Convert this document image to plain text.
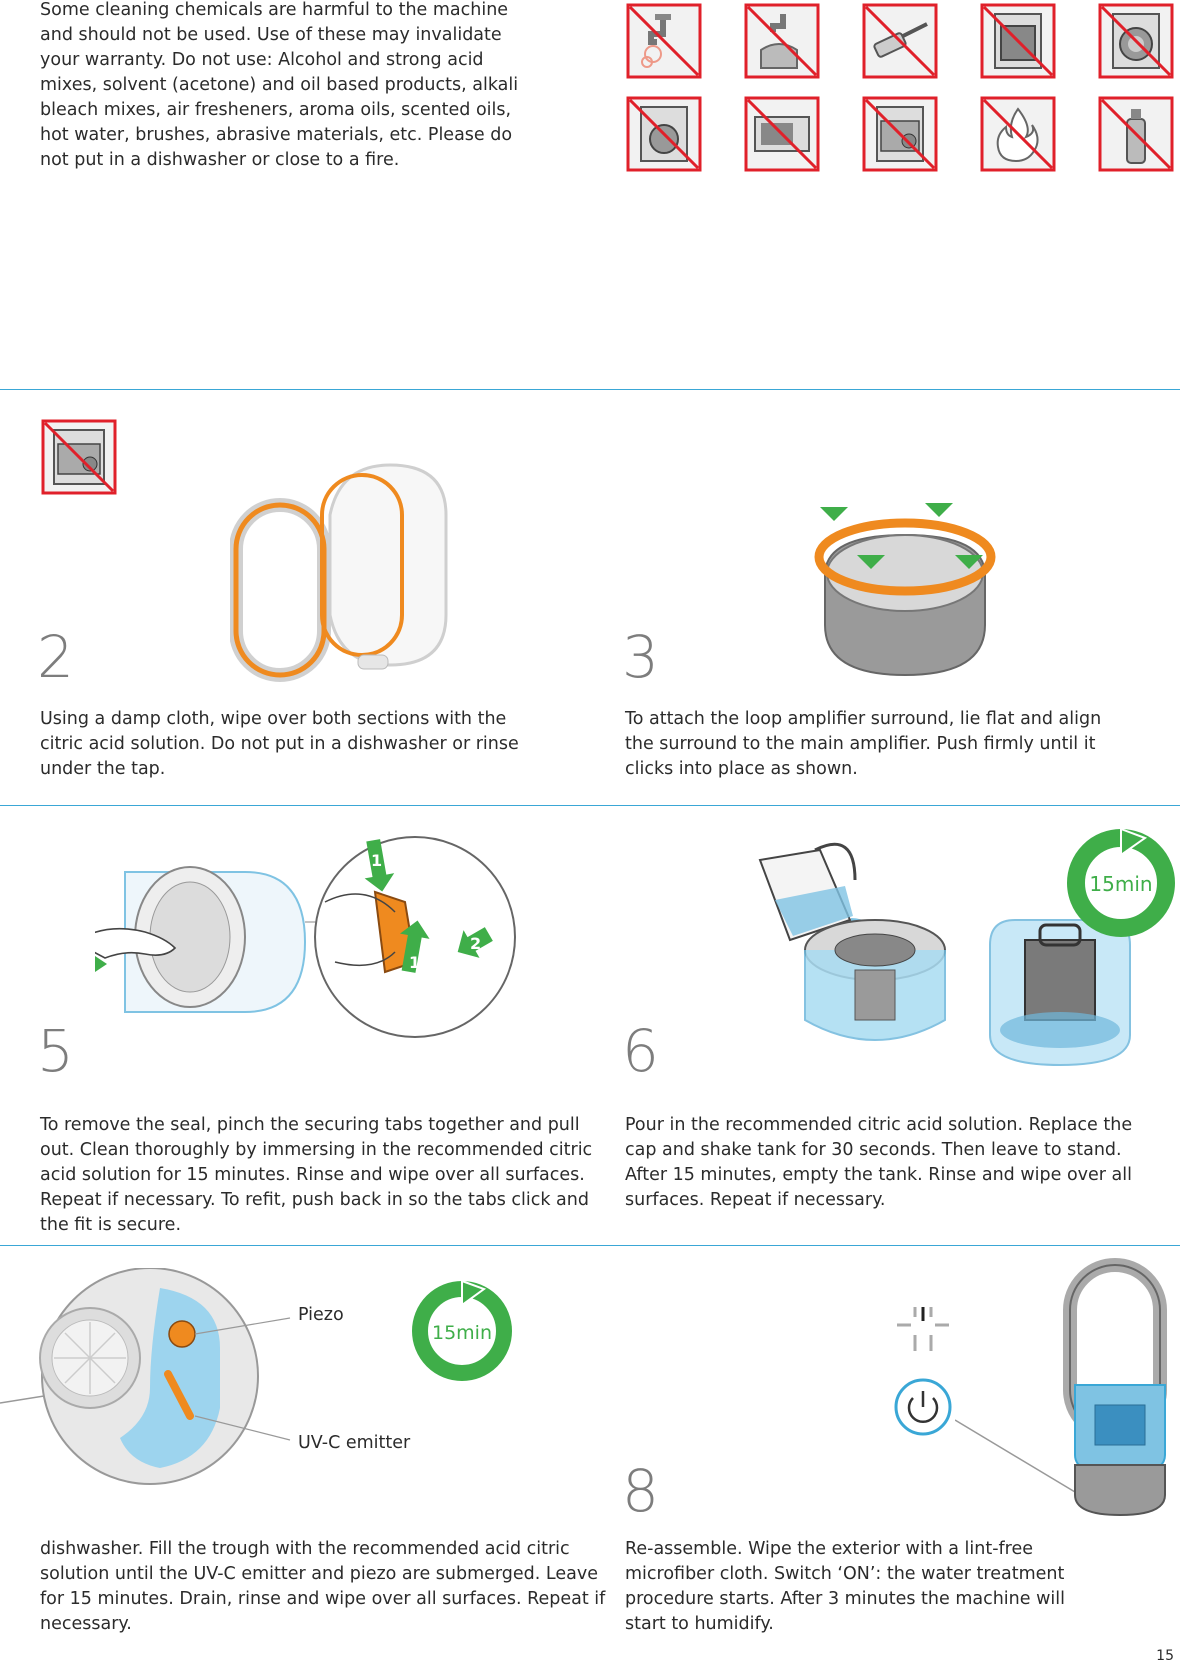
Some cleaning chemicals are harmful to the machine and should not be used. Use of these may invalidate your warranty. Do not use: Alcohol and strong acid mixes, solvent (acetone) and oil based products, alkali bleach mixes, air fresheners, aroma oils, scented oils, hot water, brushes, abrasive materials, etc. Please do not put in a dishwasher or close to a fire.

2

Using a damp cloth, wipe over both sections with the citric acid solution. Do not put in a dishwasher or rinse under the tap.

3

To attach the loop amplifier surround, lie flat and align the surround to the main amplifier. Push firmly until it clicks into place as shown.

1
1
2
5

To remove the seal, pinch the securing tabs together and pull out. Clean thoroughly by immersing in the recommended citric acid solution for 15 minutes. Rinse and wipe over all surfaces. Repeat if necessary. To refit, push back in so the tabs click and the fit is secure.

15min
6

Pour in the recommended citric acid solution. Replace the cap and shake tank for 30 seconds. Then leave to stand. After 15 minutes, empty the tank. Rinse and wipe over all surfaces. Repeat if necessary.

Piezo
UV-C emitter
15min

dishwasher. Fill the trough with the recommended acid citric solution until the UV-C emitter and piezo are submerged. Leave for 15 minutes. Drain, rinse and wipe over all surfaces. Repeat if necessary.

8

Re-assemble. Wipe the exterior with a lint-free microfiber cloth. Switch ‘ON’: the water treatment procedure starts. After 3 minutes the machine will start to humidify.

15
